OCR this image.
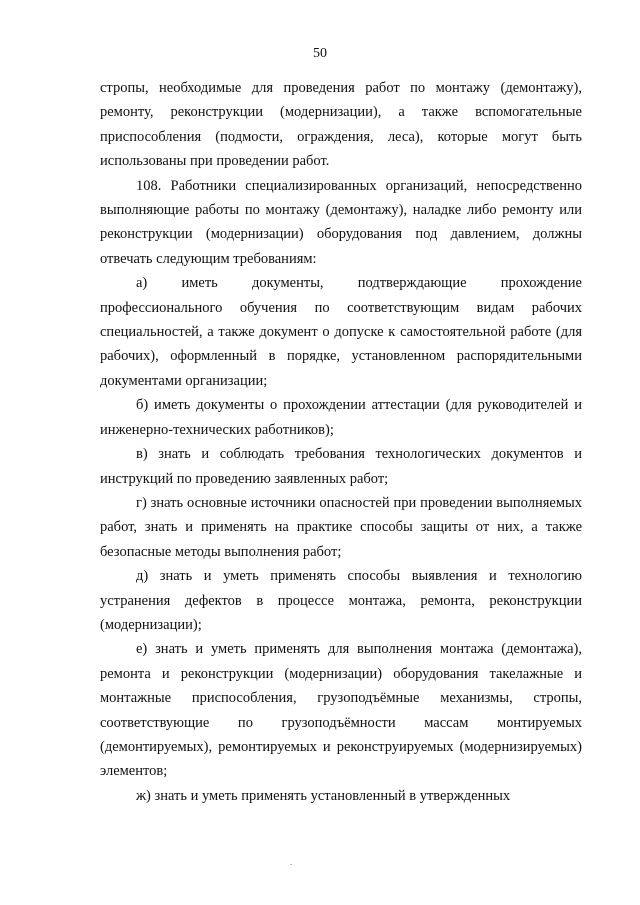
50

стропы, необходимые для проведения работ по монтажу (демонтажу), ремонту, реконструкции (модернизации), а также вспомогательные приспособления (подмости, ограждения, леса), которые могут быть использованы при проведении работ.

108. Работники специализированных организаций, непосредственно выполняющие работы по монтажу (демонтажу), наладке либо ремонту или реконструкции (модернизации) оборудования под давлением, должны отвечать следующим требованиям:

а) иметь документы, подтверждающие прохождение профессионального обучения по соответствующим видам рабочих специальностей, а также документ о допуске к самостоятельной работе (для рабочих), оформленный в порядке, установленном распорядительными документами организации;

б) иметь документы о прохождении аттестации (для руководителей и инженерно-технических работников);

в) знать и соблюдать требования технологических документов и инструкций по проведению заявленных работ;

г) знать основные источники опасностей при проведении выполняемых работ, знать и применять на практике способы защиты от них, а также безопасные методы выполнения работ;

д) знать и уметь применять способы выявления и технологию устранения дефектов в процессе монтажа, ремонта, реконструкции (модернизации);

е) знать и уметь применять для выполнения монтажа (демонтажа), ремонта и реконструкции (модернизации) оборудования такелажные и монтажные приспособления, грузоподъёмные механизмы, стропы, соответствующие по грузоподъёмности массам монтируемых (демонтируемых), ремонтируемых и реконструируемых (модернизируемых) элементов;

ж) знать и уметь применять установленный в утвержденных
